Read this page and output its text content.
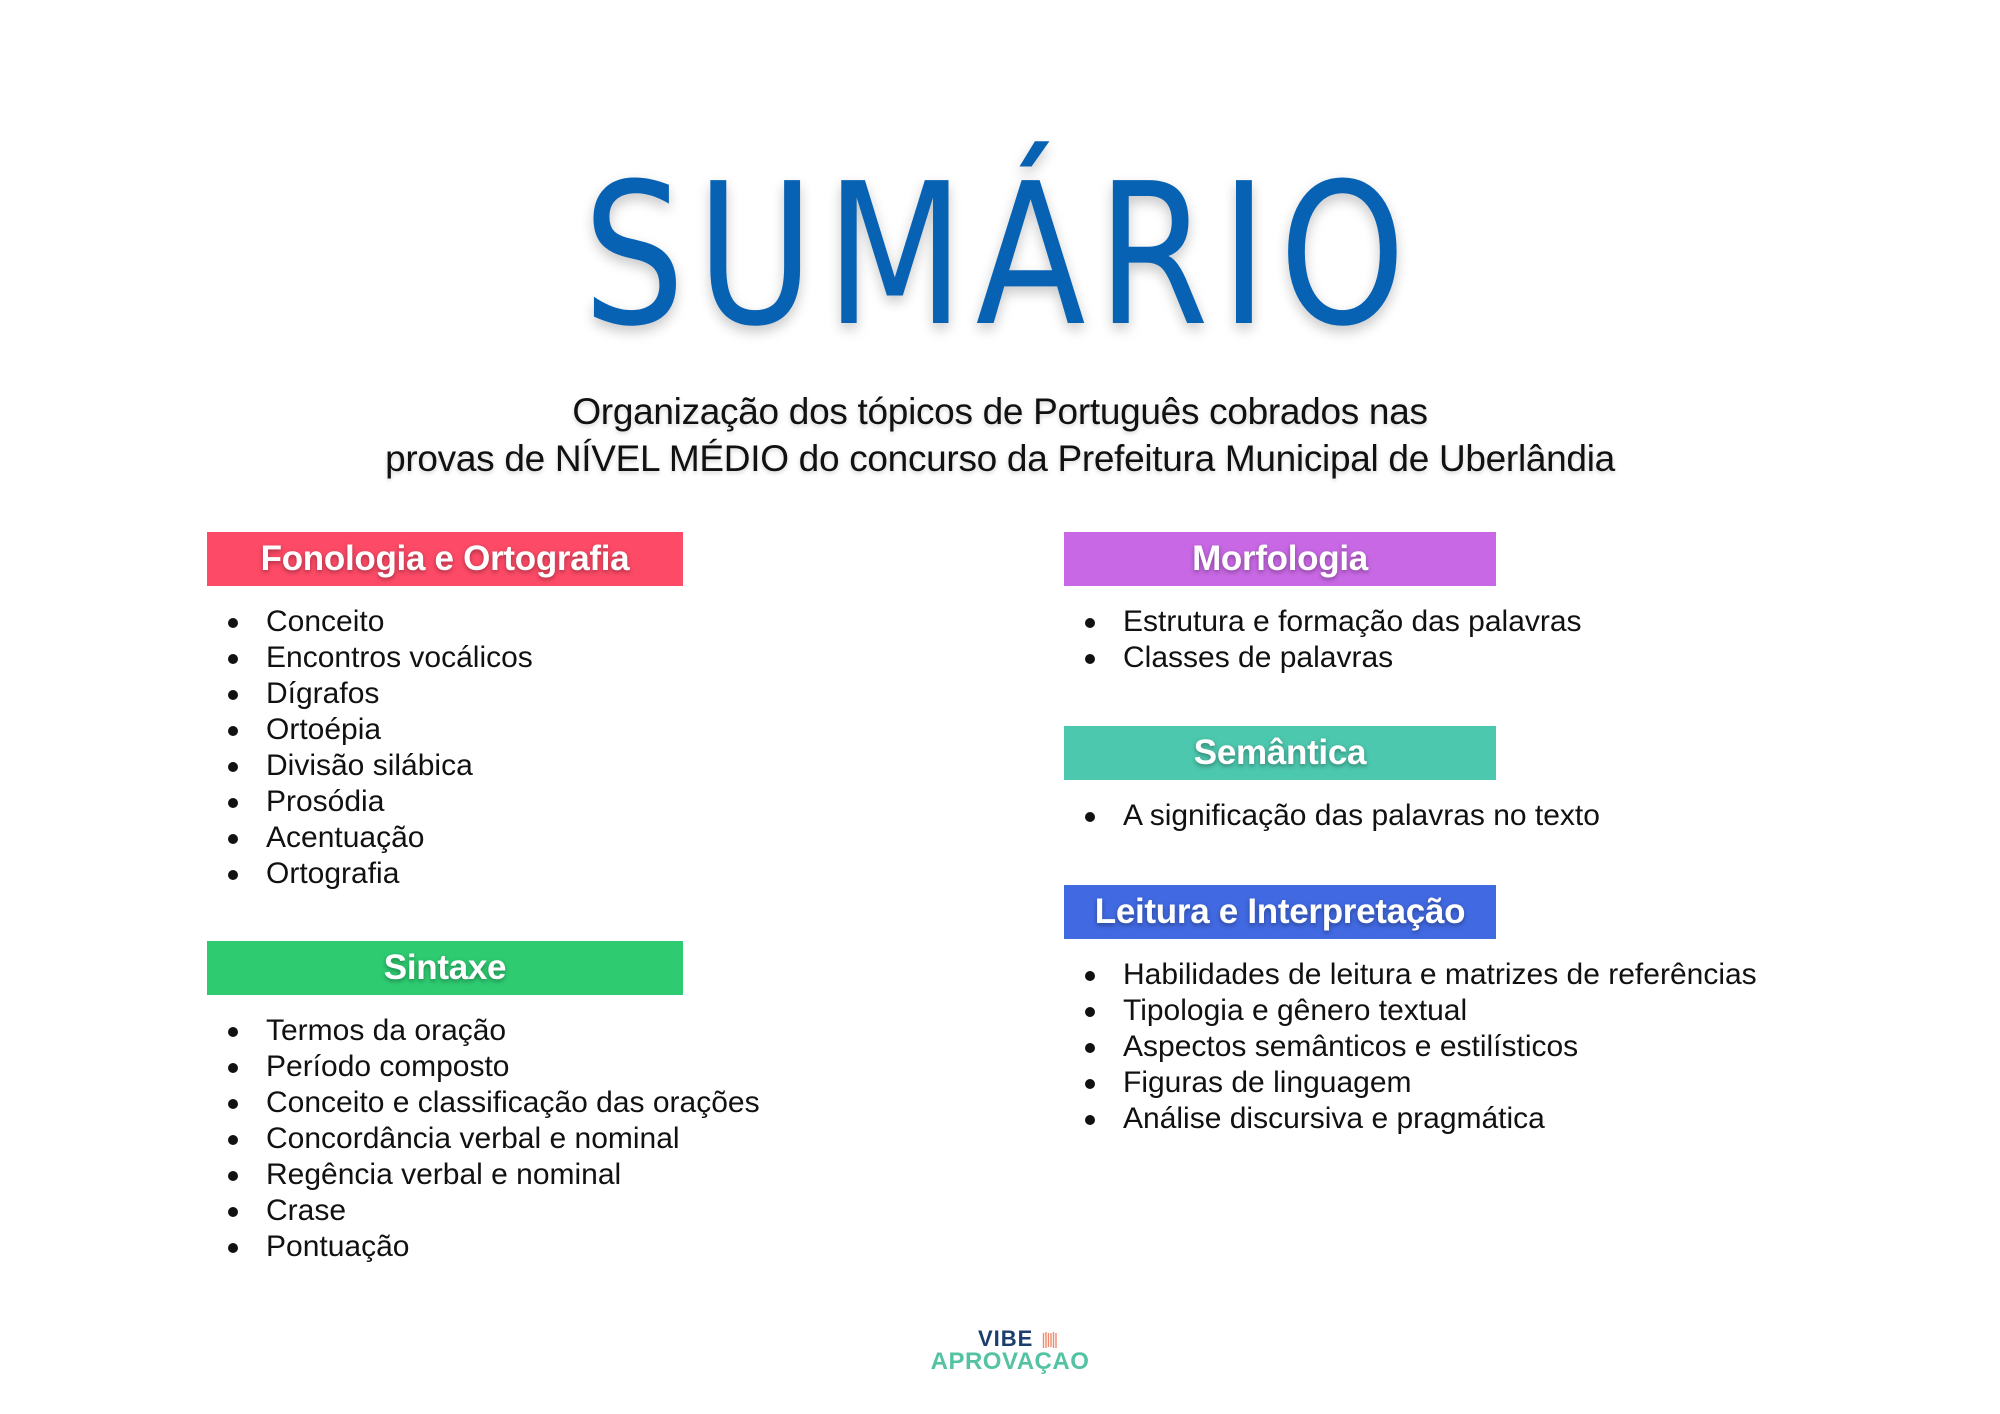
SUMÁRIO
Organização dos tópicos de Português cobrados nas
provas de NÍVEL MÉDIO do concurso da Prefeitura Municipal de Uberlândia
Fonologia e Ortografia
Conceito
Encontros vocálicos
Dígrafos
Ortoépia
Divisão silábica
Prosódia
Acentuação
Ortografia
Sintaxe
Termos da oração
Período composto
Conceito e classificação das orações
Concordância verbal e nominal
Regência verbal e nominal
Crase
Pontuação
Morfologia
Estrutura e formação das palavras
Classes de palavras
Semântica
A significação das palavras no texto
Leitura e Interpretação
Habilidades de leitura e matrizes de referências
Tipologia e gênero textual
Aspectos semânticos e estilísticos
Figuras de linguagem
Análise discursiva e pragmática
VIBE
APROVAÇAO
